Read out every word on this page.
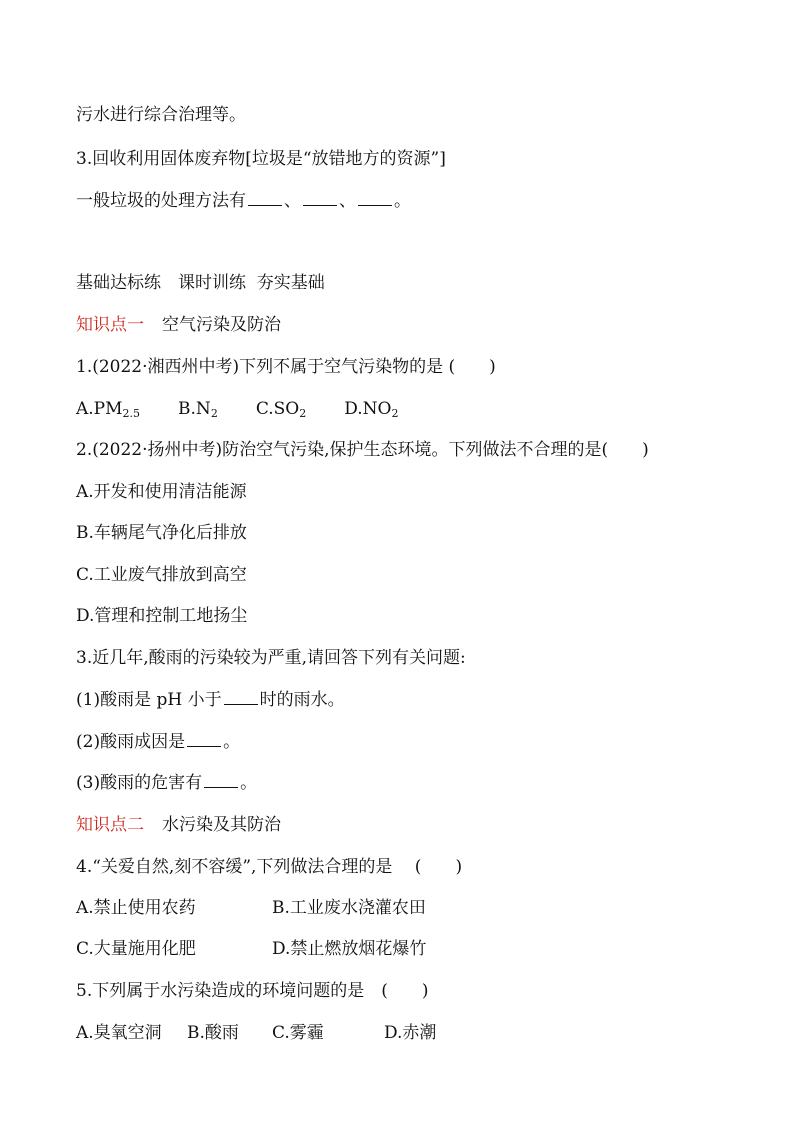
污水进行综合治理等。
3.回收利用固体废弃物[垃圾是“放错地方的资源”]
一般垃圾的处理方法有 、 、 。
基础达标练　课时训练  夯实基础
知识点一 空气污染及防治
1.(2022·湘西州中考)下列不属于空气污染物的是 (　　)
$A.PM_{2.5}$ $B.N_2$ $C.SO_2$ $D.NO_2$
2.(2022·扬州中考)防治空气污染,保护生态环境。下列做法不合理的是(　　)
A.开发和使用清洁能源
B.车辆尾气净化后排放
C.工业废气排放到高空
D.管理和控制工地扬尘
3.近几年,酸雨的污染较为严重,请回答下列有关问题:
(1)酸雨是 pH 小于 时的雨水。
(2)酸雨成因是 。
(3)酸雨的危害有 。
知识点二 水污染及其防治
4.“关爱自然,刻不容缓”,下列做法合理的是　 (　　)
A.禁止使用农药	B.工业废水浇灌农田
C.大量施用化肥	D.禁止燃放烟花爆竹
5.下列属于水污染造成的环境问题的是　(　　)
A.臭氧空洞 B.酸雨 C.雾霾	D.赤潮
